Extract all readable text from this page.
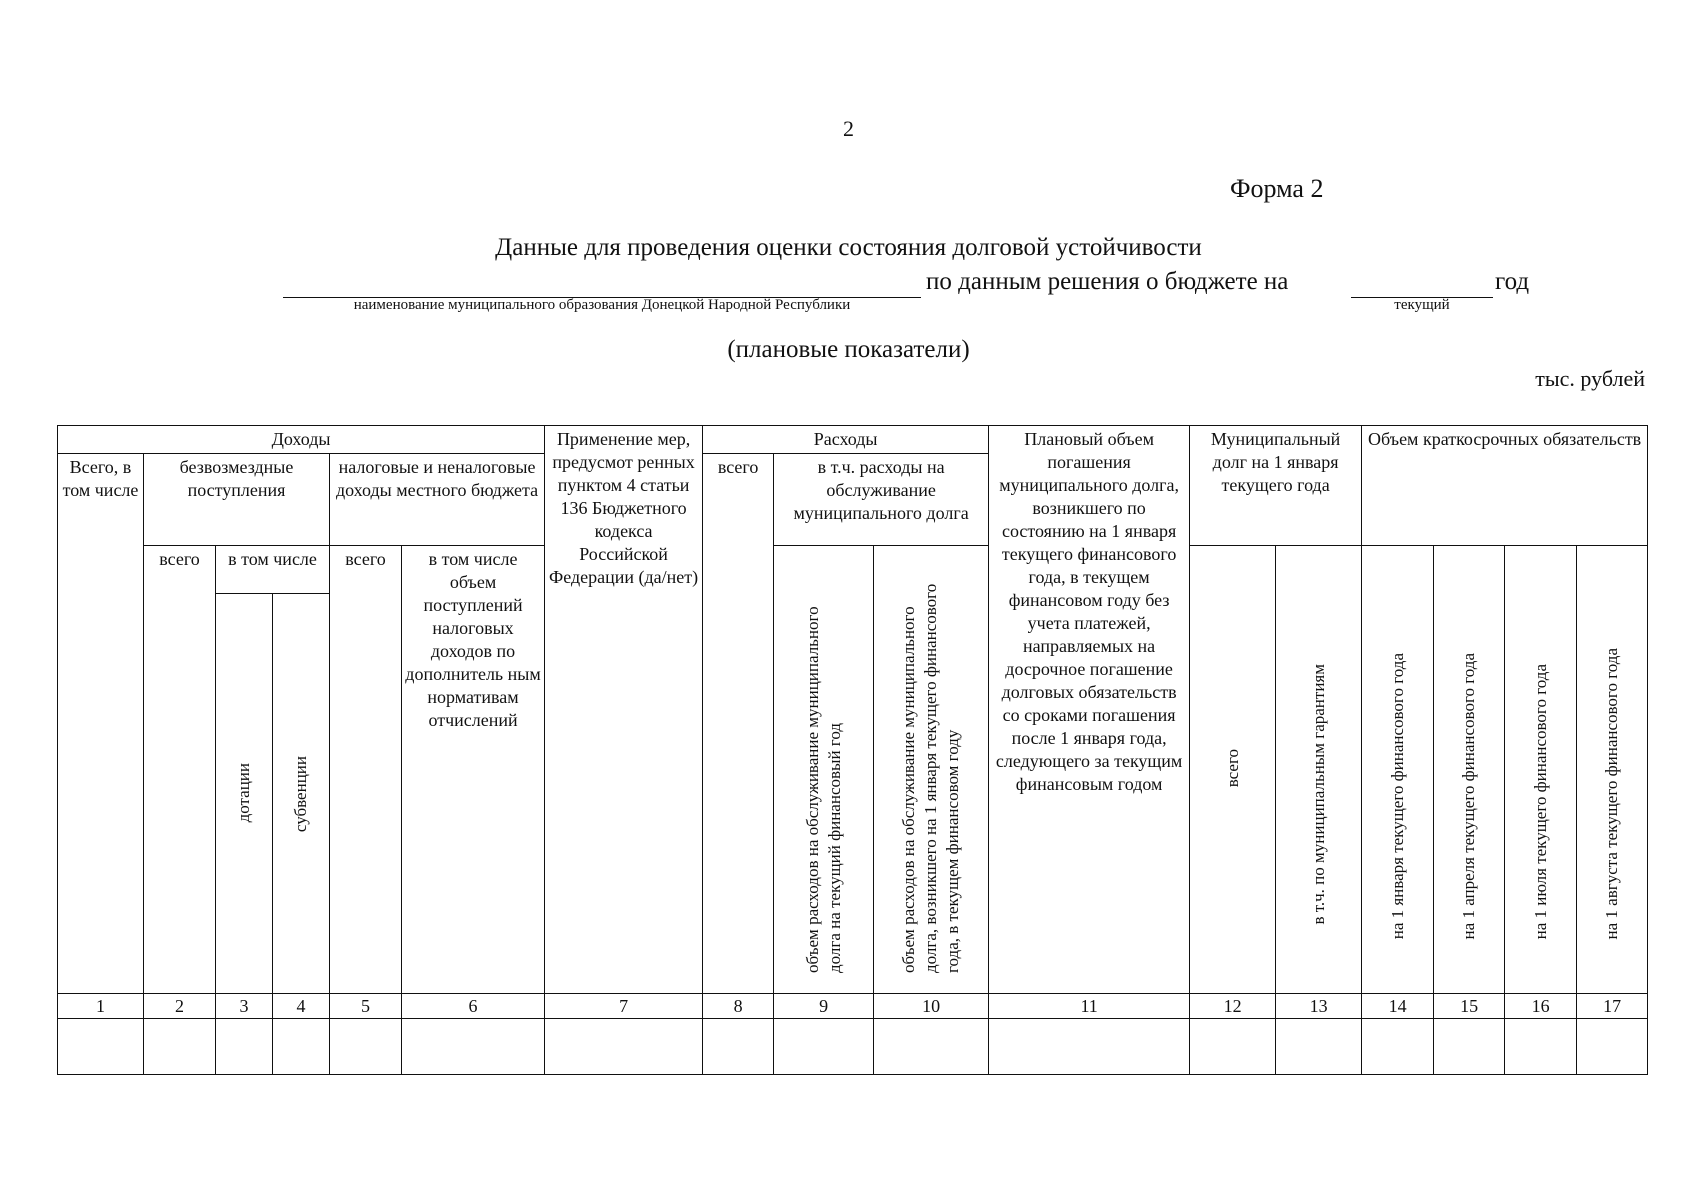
2
Форма 2
Данные для проведения оценки состояния долговой устойчивости
наименование муниципального образования Донецкой Народной Республики
по данным решения о бюджете на
текущий
год
(плановые показатели)
тыс. рублей
Доходы						Применение мер, предусмот ренных пунктом 4 статьи 136 Бюджетного кодекса Российской Федерации (да/нет)	Расходы			Плановый объем погашения муниципального долга, возникшего по состоянию на 1 января текущего финансового года, в текущем финансовом году без учета платежей, направляемых на досрочное погашение долговых обязательств со сроками погашения после 1 января года, следующего за текущим финансовым годом	Муниципальный долг на 1 января текущего года		Объем краткосрочных обязательств			
Всего, в том числе	безвозмездные поступления			налоговые и неналоговые доходы местного бюджета			всего	в т.ч. расходы на обслуживание муниципального долга								
	всего	в том числе		всего	в том числе объем поступлений налоговых доходов по дополнитель ным нормативам отчислений			объем расходов на обслуживание муниципального долга на текущий финансовый год	объем расходов на обслуживание муниципального долга, возникшего на 1 января текущего финансового года, в текущем финансовом году		всего	в т.ч. по муниципальным гарантиям	на 1 января текущего финансового года	на 1 апреля текущего финансового года	на 1 июля текущего финансового года	на 1 августа текущего финансового года
		дотации	субвенции													
1	2	3	4	5	6	7	8	9	10	11	12	13	14	15	16	17
